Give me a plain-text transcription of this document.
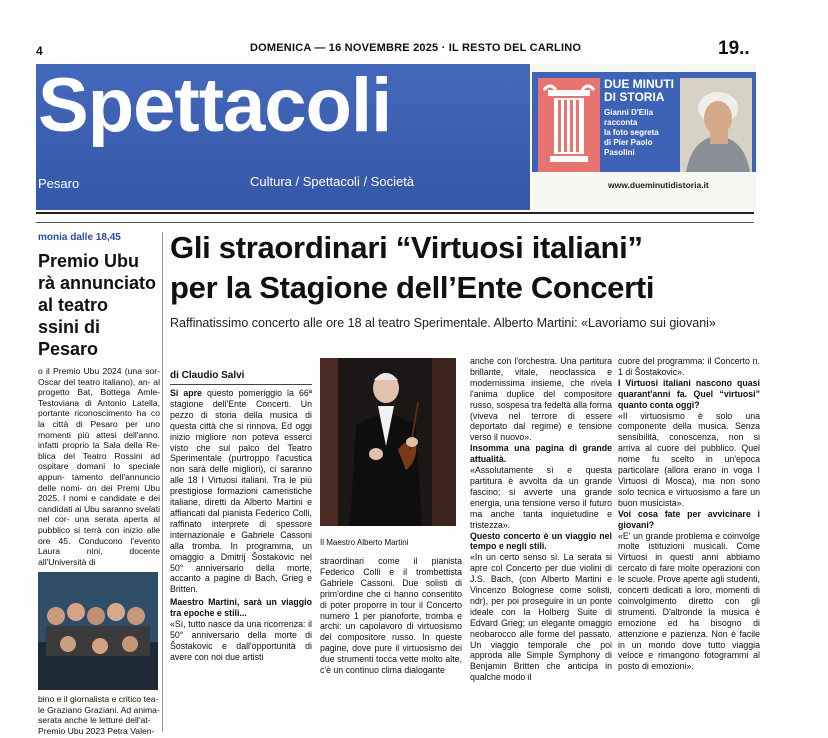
4	DOMENICA — 16 NOVEMBRE 2025 · IL RESTO DEL CARLINO	19..
Spettacoli
Pesaro	Cultura / Spettacoli / Società
DUE MINUTI
DI STORIA
Gianni D'Elia
racconta
la foto segreta
di Pier Paolo
Pasolini
www.dueminutidistoria.it
monia dalle 18,45
Premio Ubu
rà annunciato
al teatro
ssini di Pesaro
o il Premio Ubu 2024 (una sor- Oscar del teatro italiano), an- al progetto Bat, Bottega Amle- Testoviana di Antonio Latella, portante riconoscimento ha co la città di Pesaro per uno momenti più attesi dell'anno. infatti proprio la Sala della Re- blica del Teatro Rossini ad ospitare domani lo speciale appun- tamento dell'annuncio delle nomi- on dei Premi Ubu 2025. I nomi e candidate e dei candidati ai Ubu saranno svelati nel cor- una serata aperta al pubblico si terrà con inizio alle ore 45. Conducono l'evento Laura nini, docente all'Università di
bino e il giornalista e critico tea- le Graziano Graziani. Ad anima- serata anche le letture dell'at- Premio Ubu 2023 Petra Valen-
Gli straordinari “Virtuosi italiani”
per la Stagione dell’Ente Concerti
Raffinatissimo concerto alle ore 18 al teatro Sperimentale. Alberto Martini: «Lavoriamo sui giovani»
di Claudio Salvi
Si apre questo pomeriggio la 66ª stagione dell'Ente Concerti. Un pezzo di storia della musica di questa città che si rinnova. Ed oggi inizio migliore non poteva esserci visto che sul palco del Teatro Sperimentale (purtroppo l'acustica non sarà delle migliori), ci saranno alle 18 I Virtuosi italiani. Tra le più prestigiose formazioni cameristiche italiane, diretti da Alberto Martini e affiancati dal pianista Federico Colli, raffinato interprete di spessore internazionale e Gabriele Cassoni alla tromba. In programma, un omaggio a Dmitrij Šostakovic nel 50° anniversario della morte, accanto a pagine di Bach, Grieg e Britten.
Maestro Martini, sarà un viaggio tra epoche e stili...
«Sì, tutto nasce da una ricorrenza: il 50° anniversario della morte di Šostakovic e dall'opportunità di avere con noi due artisti
Il Maestro Alberto Martini
straordinari come il pianista Federico Colli e il trombettista Gabriele Cassoni. Due solisti di prim'ordine che ci hanno consentito di poter proporre in tour il Concerto numero 1 per pianoforte, tromba e archi: un capolavoro di virtuosismo del compositore russo. In queste pagine, dove pure il virtuosismo dei due strumenti tocca vette molto alte, c'è un continuo clima dialogante
anche con l'orchestra. Una partitura brillante, vitale, neoclassica e modernissima insieme, che rivela l'anima duplice del compositore russo, sospesa tra fedeltà alla forma (viveva nel terrore di essere deportato dal regime) e tensione verso il nuovo».
Insomma una pagina di grande attualità.
«Assolutamente sì e questa partitura è avvolta da un grande fascino; si avverte una grande energia, una tensione verso il futuro ma anche tanta inquietudine e tristezza».
Questo concerto è un viaggio nel tempo e negli stili.
«In un certo senso sì. La serata si apre col Concerto per due violini di J.S. Bach, (con Alberto Martini e Vincenzo Bolognese come solisti, ndr), per poi proseguire in un ponte ideale con la Holberg Suite di Edvard Grieg; un elegante omaggio neobarocco alle forme del passato. Un viaggio temporale che poi approda alle Simple Symphony di Benjamin Britten che anticipa in qualche modo il
cuore del programma: il Concerto n. 1 di Šostakovic».
I Virtuosi italiani nascono quasi quarant'anni fa. Quel “virtuosi” quanto conta oggi?
«Il virtuosismo è solo una componente della musica. Senza sensibilità, conoscenza, non si arriva al cuore del pubblico. Quel nome fu scelto in un'epoca particolare (allora erano in voga I Virtuosi di Mosca), ma non sono solo tecnica e virtuosismo a fare un buon musicista».
Voi cosa fate per avvicinare i giovani?
«E' un grande problema e coinvolge molte istituzioni musicali. Come Virtuosi in questi anni abbiamo cercato di fare molte operazioni con le scuole. Prove aperte agli studenti, concerti dedicati a loro, momenti di coinvolgimento diretto con gli strumenti. D'altronde la musica è emozione ed ha bisogno di attenzione e pazienza. Non è facile in un mondo dove tutto viaggia veloce e rimangono fotogrammi al posto di emozioni».
